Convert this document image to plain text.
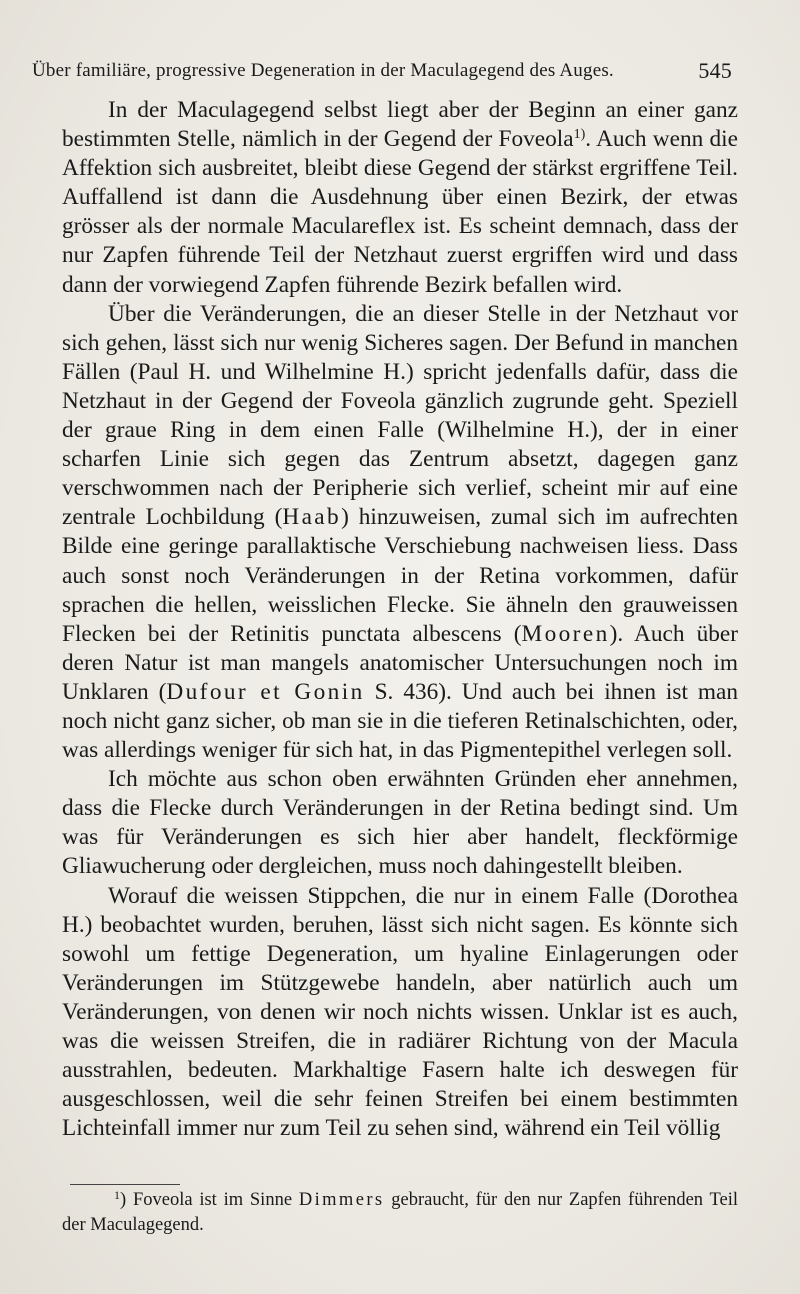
Über familiäre, progressive Degeneration in der Maculagegend des Auges.	545

In der Maculagegend selbst liegt aber der Beginn an einer ganz bestimmten Stelle, nämlich in der Gegend der Foveola$^{1)}$. Auch wenn die Affektion sich ausbreitet, bleibt diese Gegend der stärkst ergriffene Teil. Auffallend ist dann die Ausdehnung über einen Bezirk, der etwas grösser als der normale Maculareflex ist. Es scheint demnach, dass der nur Zapfen führende Teil der Netzhaut zuerst ergriffen wird und dass dann der vorwiegend Zapfen führende Bezirk befallen wird.

Über die Veränderungen, die an dieser Stelle in der Netzhaut vor sich gehen, lässt sich nur wenig Sicheres sagen. Der Befund in manchen Fällen (Paul H. und Wilhelmine H.) spricht jedenfalls dafür, dass die Netzhaut in der Gegend der Foveola gänzlich zugrunde geht. Speziell der graue Ring in dem einen Falle (Wilhelmine H.), der in einer scharfen Linie sich gegen das Zentrum absetzt, dagegen ganz verschwommen nach der Peripherie sich verlief, scheint mir auf eine zentrale Lochbildung (Haab) hinzuweisen, zumal sich im aufrechten Bilde eine geringe parallaktische Verschiebung nachweisen liess. Dass auch sonst noch Veränderungen in der Retina vorkommen, dafür sprachen die hellen, weisslichen Flecke. Sie ähneln den grauweissen Flecken bei der Retinitis punctata albescens (Mooren). Auch über deren Natur ist man mangels anatomischer Untersuchungen noch im Unklaren (Dufour et Gonin S. 436). Und auch bei ihnen ist man noch nicht ganz sicher, ob man sie in die tieferen Retinalschichten, oder, was allerdings weniger für sich hat, in das Pigmentepithel verlegen soll.

Ich möchte aus schon oben erwähnten Gründen eher annehmen, dass die Flecke durch Veränderungen in der Retina bedingt sind. Um was für Veränderungen es sich hier aber handelt, fleckförmige Gliawucherung oder dergleichen, muss noch dahingestellt bleiben.

Worauf die weissen Stippchen, die nur in einem Falle (Dorothea H.) beobachtet wurden, beruhen, lässt sich nicht sagen. Es könnte sich sowohl um fettige Degeneration, um hyaline Einlagerungen oder Veränderungen im Stützgewebe handeln, aber natürlich auch um Veränderungen, von denen wir noch nichts wissen. Unklar ist es auch, was die weissen Streifen, die in radiärer Richtung von der Macula ausstrahlen, bedeuten. Markhaltige Fasern halte ich deswegen für ausgeschlossen, weil die sehr feinen Streifen bei einem bestimmten Lichteinfall immer nur zum Teil zu sehen sind, während ein Teil völlig

$^1$) Foveola ist im Sinne Dimmers gebraucht, für den nur Zapfen führenden Teil der Maculagegend.
